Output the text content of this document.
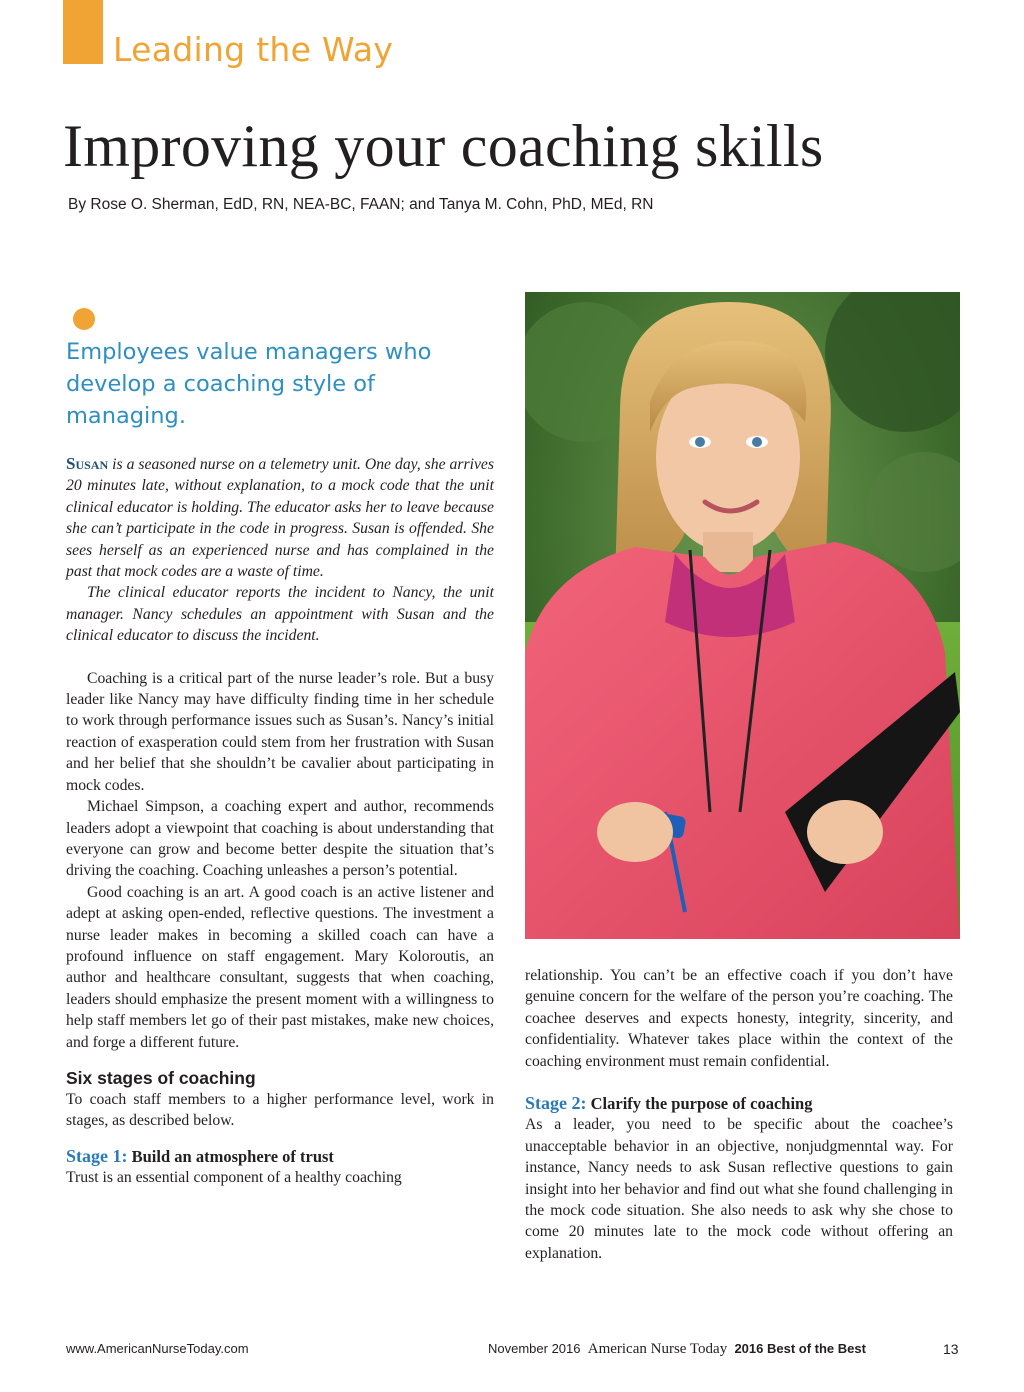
Leading the Way
Improving your coaching skills
By Rose O. Sherman, EdD, RN, NEA-BC, FAAN; and Tanya M. Cohn, PhD, MEd, RN

Employees value managers who develop a coaching style of managing.

Susan is a seasoned nurse on a telemetry unit. One day, she arrives 20 minutes late, without explanation, to a mock code that the unit clinical educator is holding. The educator asks her to leave because she can’t participate in the code in progress. Susan is offended. She sees herself as an experienced nurse and has complained in the past that mock codes are a waste of time.

The clinical educator reports the incident to Nancy, the unit manager. Nancy schedules an appointment with Susan and the clinical educator to discuss the incident.

Coaching is a critical part of the nurse leader’s role. But a busy leader like Nancy may have difficulty finding time in her schedule to work through performance issues such as Susan’s. Nancy’s initial reaction of exasperation could stem from her frustration with Susan and her belief that she shouldn’t be cavalier about participating in mock codes.

Michael Simpson, a coaching expert and author, recommends leaders adopt a viewpoint that coaching is about understanding that everyone can grow and become better despite the situation that’s driving the coaching. Coaching unleashes a person’s potential.

Good coaching is an art. A good coach is an active listener and adept at asking open-ended, reflective questions. The investment a nurse leader makes in becoming a skilled coach can have a profound influence on staff engagement. Mary Koloroutis, an author and healthcare consultant, suggests that when coaching, leaders should emphasize the present moment with a willingness to help staff members let go of their past mistakes, make new choices, and forge a different future.

Six stages of coaching

To coach staff members to a higher performance level, work in stages, as described below.

Stage 1: Build an atmosphere of trust

Trust is an essential component of a healthy coaching

relationship. You can’t be an effective coach if you don’t have genuine concern for the welfare of the person you’re coaching. The coachee deserves and expects honesty, integrity, sincerity, and confidentiality. Whatever takes place within the context of the coaching environment must remain confidential.

Stage 2: Clarify the purpose of coaching

As a leader, you need to be specific about the coachee’s unacceptable behavior in an objective, nonjudgmenntal way. For instance, Nancy needs to ask Susan reflective questions to gain insight into her behavior and find out what she found challenging in the mock code situation. She also needs to ask why she chose to come 20 minutes late to the mock code without offering an explanation.

www.AmericanNurseToday.com	November 2016 American Nurse Today 2016 Best of the Best	13
